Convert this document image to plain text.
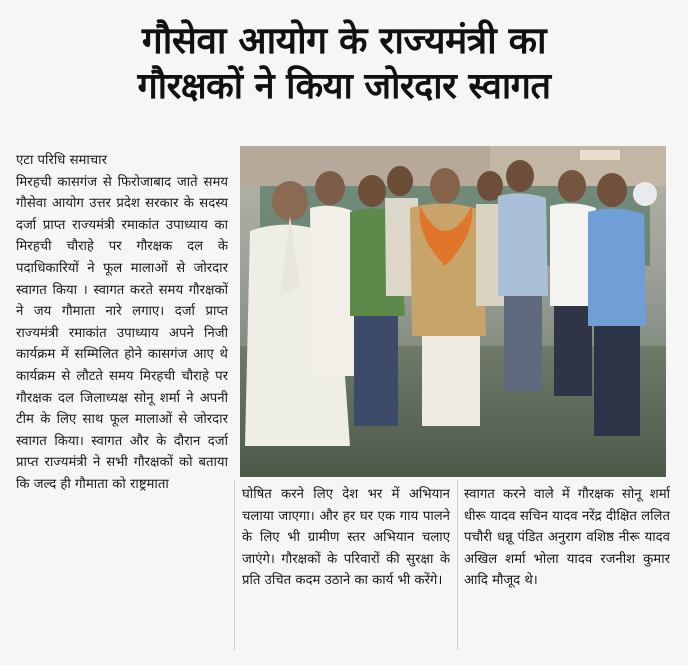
गौसेवा आयोग के राज्यमंत्री का
गौरक्षकों ने किया जोरदार स्वागत
एटा परिधि समाचार
मिरहची कासगंज से फिरोजाबाद जाते समय गौसेवा आयोग उत्तर प्रदेश सरकार के सदस्य दर्जा प्राप्त राज्यमंत्री रमाकांत उपाध्याय का मिरहची चौराहे पर गौरक्षक दल के पदाधिकारियों ने फूल मालाओं से जोरदार स्वागत किया । स्वागत करते समय गौरक्षकों ने जय गौमाता नारे लगाए। दर्जा प्राप्त राज्यमंत्री रमाकांत उपाध्याय अपने निजी कार्यक्रम में सम्मिलित होने कासगंज आए थे कार्यक्रम से लौटते समय मिरहची चौराहे पर गौरक्षक दल जिलाध्यक्ष सोनू शर्मा ने अपनी टीम के लिए साथ फूल मालाओं से जोरदार स्वागत किया। स्वागत और के दौरान दर्जा प्राप्त राज्यमंत्री ने सभी गौरक्षकों को बताया कि जल्द ही गौमाता को राष्ट्रमाता
घोषित करने लिए देश भर में अभियान चलाया जाएगा। और हर घर एक गाय पालने के लिए भी ग्रामीण स्तर अभियान चलाए जाएंगे। गौरक्षकों के परिवारों की सुरक्षा के प्रति उचित कदम उठाने का कार्य भी करेंगे।
स्वागत करने वाले में गौरक्षक सोनू शर्मा धीरू यादव सचिन यादव नरेंद्र दीक्षित ललित पचौरी धन्नू पंडित अनुराग वशिष्ठ नीरू यादव अखिल शर्मा भोला यादव रजनीश कुमार आदि मौजूद थे।
